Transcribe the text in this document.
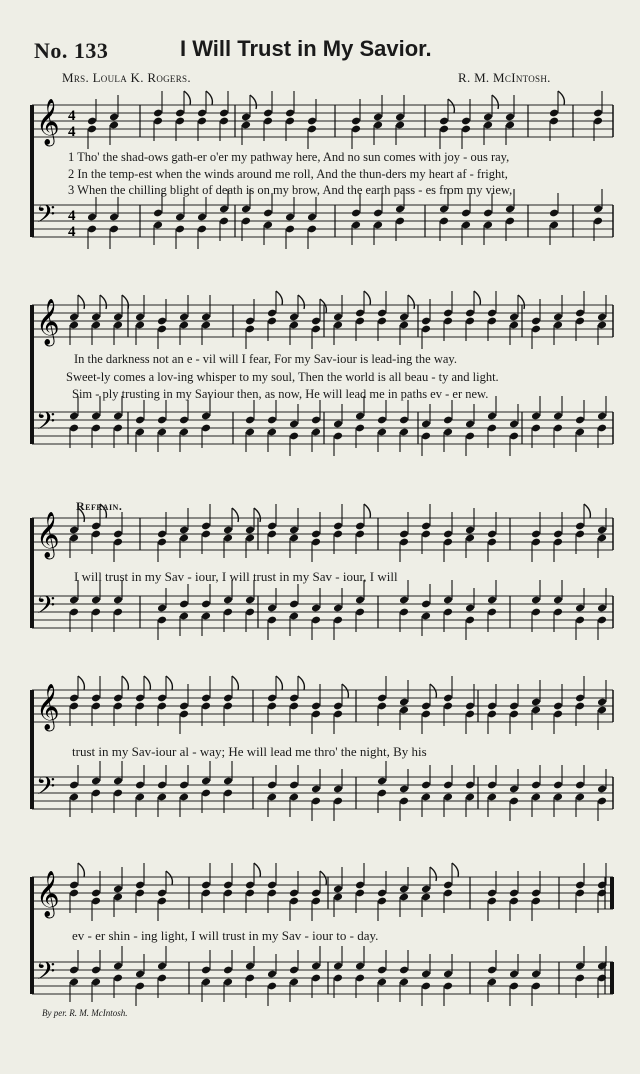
No. 133	I Will Trust in My Savior.
Mrs. Loula K. Rogers.	R. M. McIntosh.
𝄞
𝄢
4
4
4
4
𝄞
𝄢
𝄞
𝄢
𝄞
𝄢
𝄞
𝄢
1 Tho' the shad-ows gath-er o'er my pathway here, And no sun comes with joy - ous ray,
2 In the temp-est when the winds around me roll, And the thun-ders my heart af - fright,
3 When the chilling blight of death is on my brow, And the earth pass - es from my view,
In the darkness not an e - vil will I fear, For my Sav-iour is lead-ing the way.
Sweet-ly comes a lov-ing whisper to my soul, Then the world is all beau - ty and light.
Sim - ply trusting in my Saviour then, as now, He will lead me in paths ev - er new.
Refrain.
I will trust in my Sav - iour, I will trust in my Sav - iour, I will
trust in my Sav-iour al - way; He will lead me thro' the night, By his
ev - er shin - ing light, I will trust in my Sav - iour to - day.
By per. R. M. McIntosh.
